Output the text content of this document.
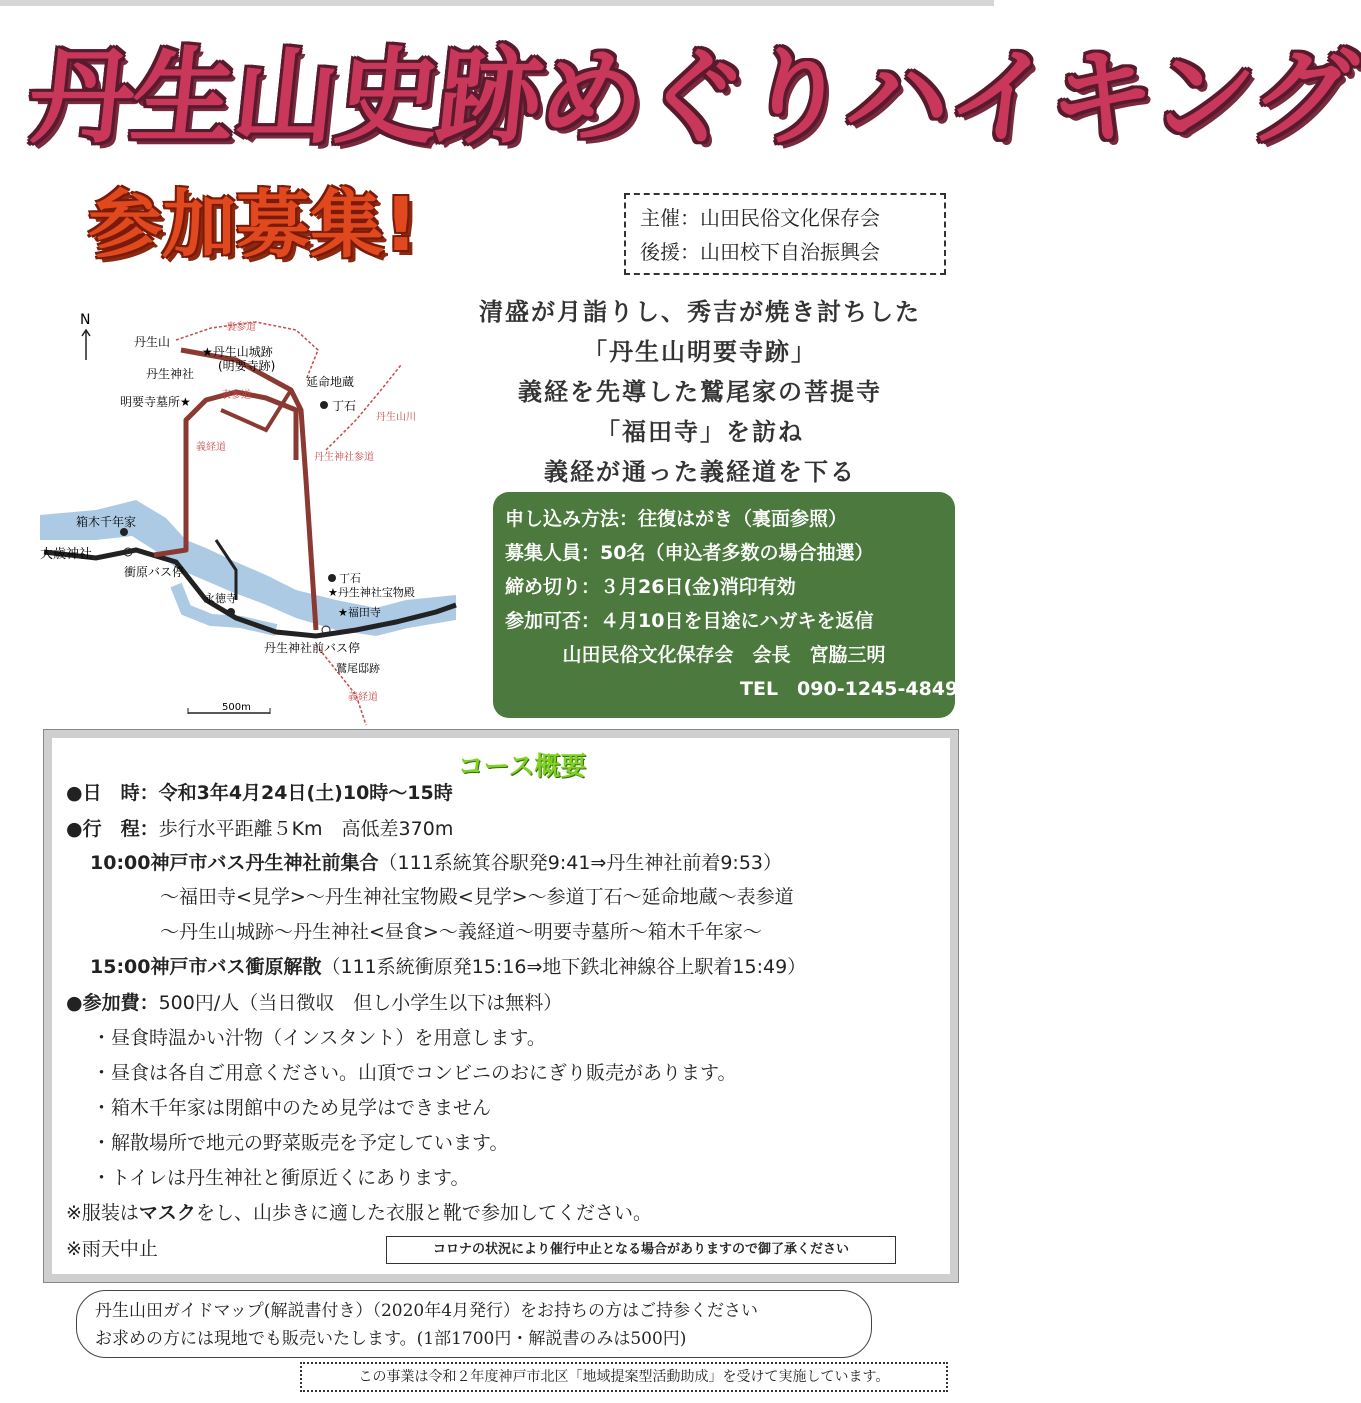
丹生山史跡めぐりハイキング
参加募集!	主催：山田民俗文化保存会
後援：山田校下自治振興会
N
丹生山
★丹生山城跡
(明要寺跡)
丹生神社
延命地蔵
明要寺墓所★	丁石
裏参道
表参道
義経道
丹生神社参道
丹生山川
箱木千年家
大歳神社
衝原バス停
永徳寺
丁石
★丹生神社宝物殿
★福田寺
丹生神社前バス停
鷲尾邸跡
義経道
500m
清盛が月詣りし、秀吉が焼き討ちした
「丹生山明要寺跡」
義経を先導した鷲尾家の菩提寺
「福田寺」を訪ね
義経が通った義経道を下る
申し込み方法：往復はがき（裏面参照）
募集人員：50名（申込者多数の場合抽選）
締め切り：３月26日(金)消印有効
参加可否：４月10日を目途にハガキを返信
山田民俗文化保存会　会長　宮脇三明
TEL　090-1245-4849
コース概要
●日　時：令和3年4月24日(土)10時～15時
●行　程：歩行水平距離５Km　高低差370m
10:00神戸市バス丹生神社前集合（111系統箕谷駅発9:41⇒丹生神社前着9:53）
～福田寺<見学>～丹生神社宝物殿<見学>～参道丁石～延命地蔵～表参道
～丹生山城跡～丹生神社<昼食>～義経道～明要寺墓所～箱木千年家～
15:00神戸市バス衝原解散（111系統衝原発15:16⇒地下鉄北神線谷上駅着15:49）
●参加費：500円/人（当日徴収　但し小学生以下は無料）
・昼食時温かい汁物（インスタント）を用意します。
・昼食は各自ご用意ください。山頂でコンビニのおにぎり販売があります。
・箱木千年家は閉館中のため見学はできません
・解散場所で地元の野菜販売を予定しています。
・トイレは丹生神社と衝原近くにあります。
※服装はマスクをし、山歩きに適した衣服と靴で参加してください。
※雨天中止	コロナの状況により催行中止となる場合がありますので御了承ください
丹生山田ガイドマップ(解説書付き）（2020年4月発行）をお持ちの方はご持参ください
お求めの方には現地でも販売いたします。(1部1700円・解説書のみは500円)
この事業は令和２年度神戸市北区「地域提案型活動助成」を受けて実施しています。
